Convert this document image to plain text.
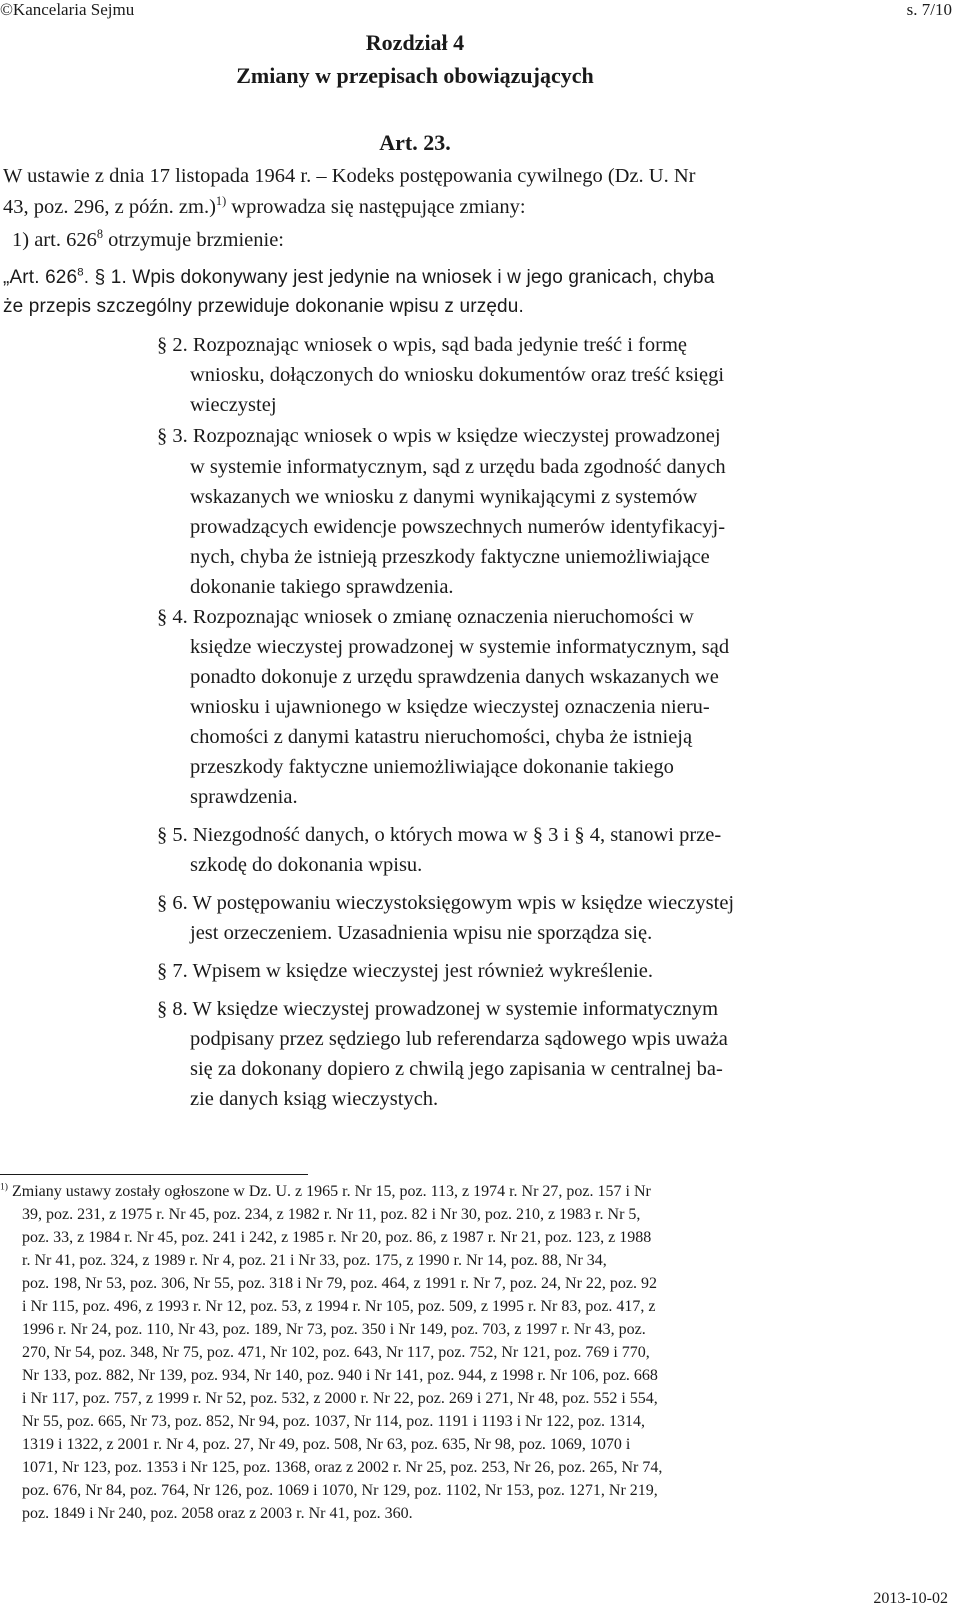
©Kancelaria Sejmu	s. 7/10
Rozdział 4
Zmiany w przepisach obowiązujących
Art. 23.
W ustawie z dnia 17 listopada 1964 r. – Kodeks postępowania cywilnego (Dz. U. Nr
43, poz. 296, z późn. zm.)$^{1)}$ wprowadza się następujące zmiany:
1) art. $626^8$ otrzymuje brzmienie:
„Art. $626^8$. § 1. Wpis dokonywany jest jedynie na wniosek i w jego granicach, chyba
że przepis szczególny przewiduje dokonanie wpisu z urzędu.
§ 2. Rozpoznając wniosek o wpis, sąd bada jedynie treść i formę
wniosku, dołączonych do wniosku dokumentów oraz treść księgi
wieczystej
§ 3. Rozpoznając wniosek o wpis w księdze wieczystej prowadzonej
w systemie informatycznym, sąd z urzędu bada zgodność danych
wskazanych we wniosku z danymi wynikającymi z systemów
prowadzących ewidencje powszechnych numerów identyfikacyj-
nych, chyba że istnieją przeszkody faktyczne uniemożliwiające
dokonanie takiego sprawdzenia.
§ 4. Rozpoznając wniosek o zmianę oznaczenia nieruchomości w
księdze wieczystej prowadzonej w systemie informatycznym, sąd
ponadto dokonuje z urzędu sprawdzenia danych wskazanych we
wniosku i ujawnionego w księdze wieczystej oznaczenia nieru-
chomości z danymi katastru nieruchomości, chyba że istnieją
przeszkody faktyczne uniemożliwiające dokonanie takiego
sprawdzenia.
§ 5. Niezgodność danych, o których mowa w § 3 i § 4, stanowi prze-
szkodę do dokonania wpisu.
§ 6. W postępowaniu wieczystoksięgowym wpis w księdze wieczystej
jest orzeczeniem. Uzasadnienia wpisu nie sporządza się.
§ 7. Wpisem w księdze wieczystej jest również wykreślenie.
§ 8. W księdze wieczystej prowadzonej w systemie informatycznym
podpisany przez sędziego lub referendarza sądowego wpis uważa
się za dokonany dopiero z chwilą jego zapisania w centralnej ba-
zie danych ksiąg wieczystych.
$^{1)}$ Zmiany ustawy zostały ogłoszone w Dz. U. z 1965 r. Nr 15, poz. 113, z 1974 r. Nr 27, poz. 157 i Nr
39, poz. 231, z 1975 r. Nr 45, poz. 234, z 1982 r. Nr 11, poz. 82 i Nr 30, poz. 210, z 1983 r. Nr 5,
poz. 33, z 1984 r. Nr 45, poz. 241 i 242, z 1985 r. Nr 20, poz. 86, z 1987 r. Nr 21, poz. 123, z 1988
r. Nr 41, poz. 324, z 1989 r. Nr 4, poz. 21 i Nr 33, poz. 175, z 1990 r. Nr 14, poz. 88, Nr 34,
poz. 198, Nr 53, poz. 306, Nr 55, poz. 318 i Nr 79, poz. 464, z 1991 r. Nr 7, poz. 24, Nr 22, poz. 92
i Nr 115, poz. 496, z 1993 r. Nr 12, poz. 53, z 1994 r. Nr 105, poz. 509, z 1995 r. Nr 83, poz. 417, z
1996 r. Nr 24, poz. 110, Nr 43, poz. 189, Nr 73, poz. 350 i Nr 149, poz. 703, z 1997 r. Nr 43, poz.
270, Nr 54, poz. 348, Nr 75, poz. 471, Nr 102, poz. 643, Nr 117, poz. 752, Nr 121, poz. 769 i 770,
Nr 133, poz. 882, Nr 139, poz. 934, Nr 140, poz. 940 i Nr 141, poz. 944, z 1998 r. Nr 106, poz. 668
i Nr 117, poz. 757, z 1999 r. Nr 52, poz. 532, z 2000 r. Nr 22, poz. 269 i 271, Nr 48, poz. 552 i 554,
Nr 55, poz. 665, Nr 73, poz. 852, Nr 94, poz. 1037, Nr 114, poz. 1191 i 1193 i Nr 122, poz. 1314,
1319 i 1322, z 2001 r. Nr 4, poz. 27, Nr 49, poz. 508, Nr 63, poz. 635, Nr 98, poz. 1069, 1070 i
1071, Nr 123, poz. 1353 i Nr 125, poz. 1368, oraz z 2002 r. Nr 25, poz. 253, Nr 26, poz. 265, Nr 74,
poz. 676, Nr 84, poz. 764, Nr 126, poz. 1069 i 1070, Nr 129, poz. 1102, Nr 153, poz. 1271, Nr 219,
poz. 1849 i Nr 240, poz. 2058 oraz z 2003 r. Nr 41, poz. 360.
2013-10-02
